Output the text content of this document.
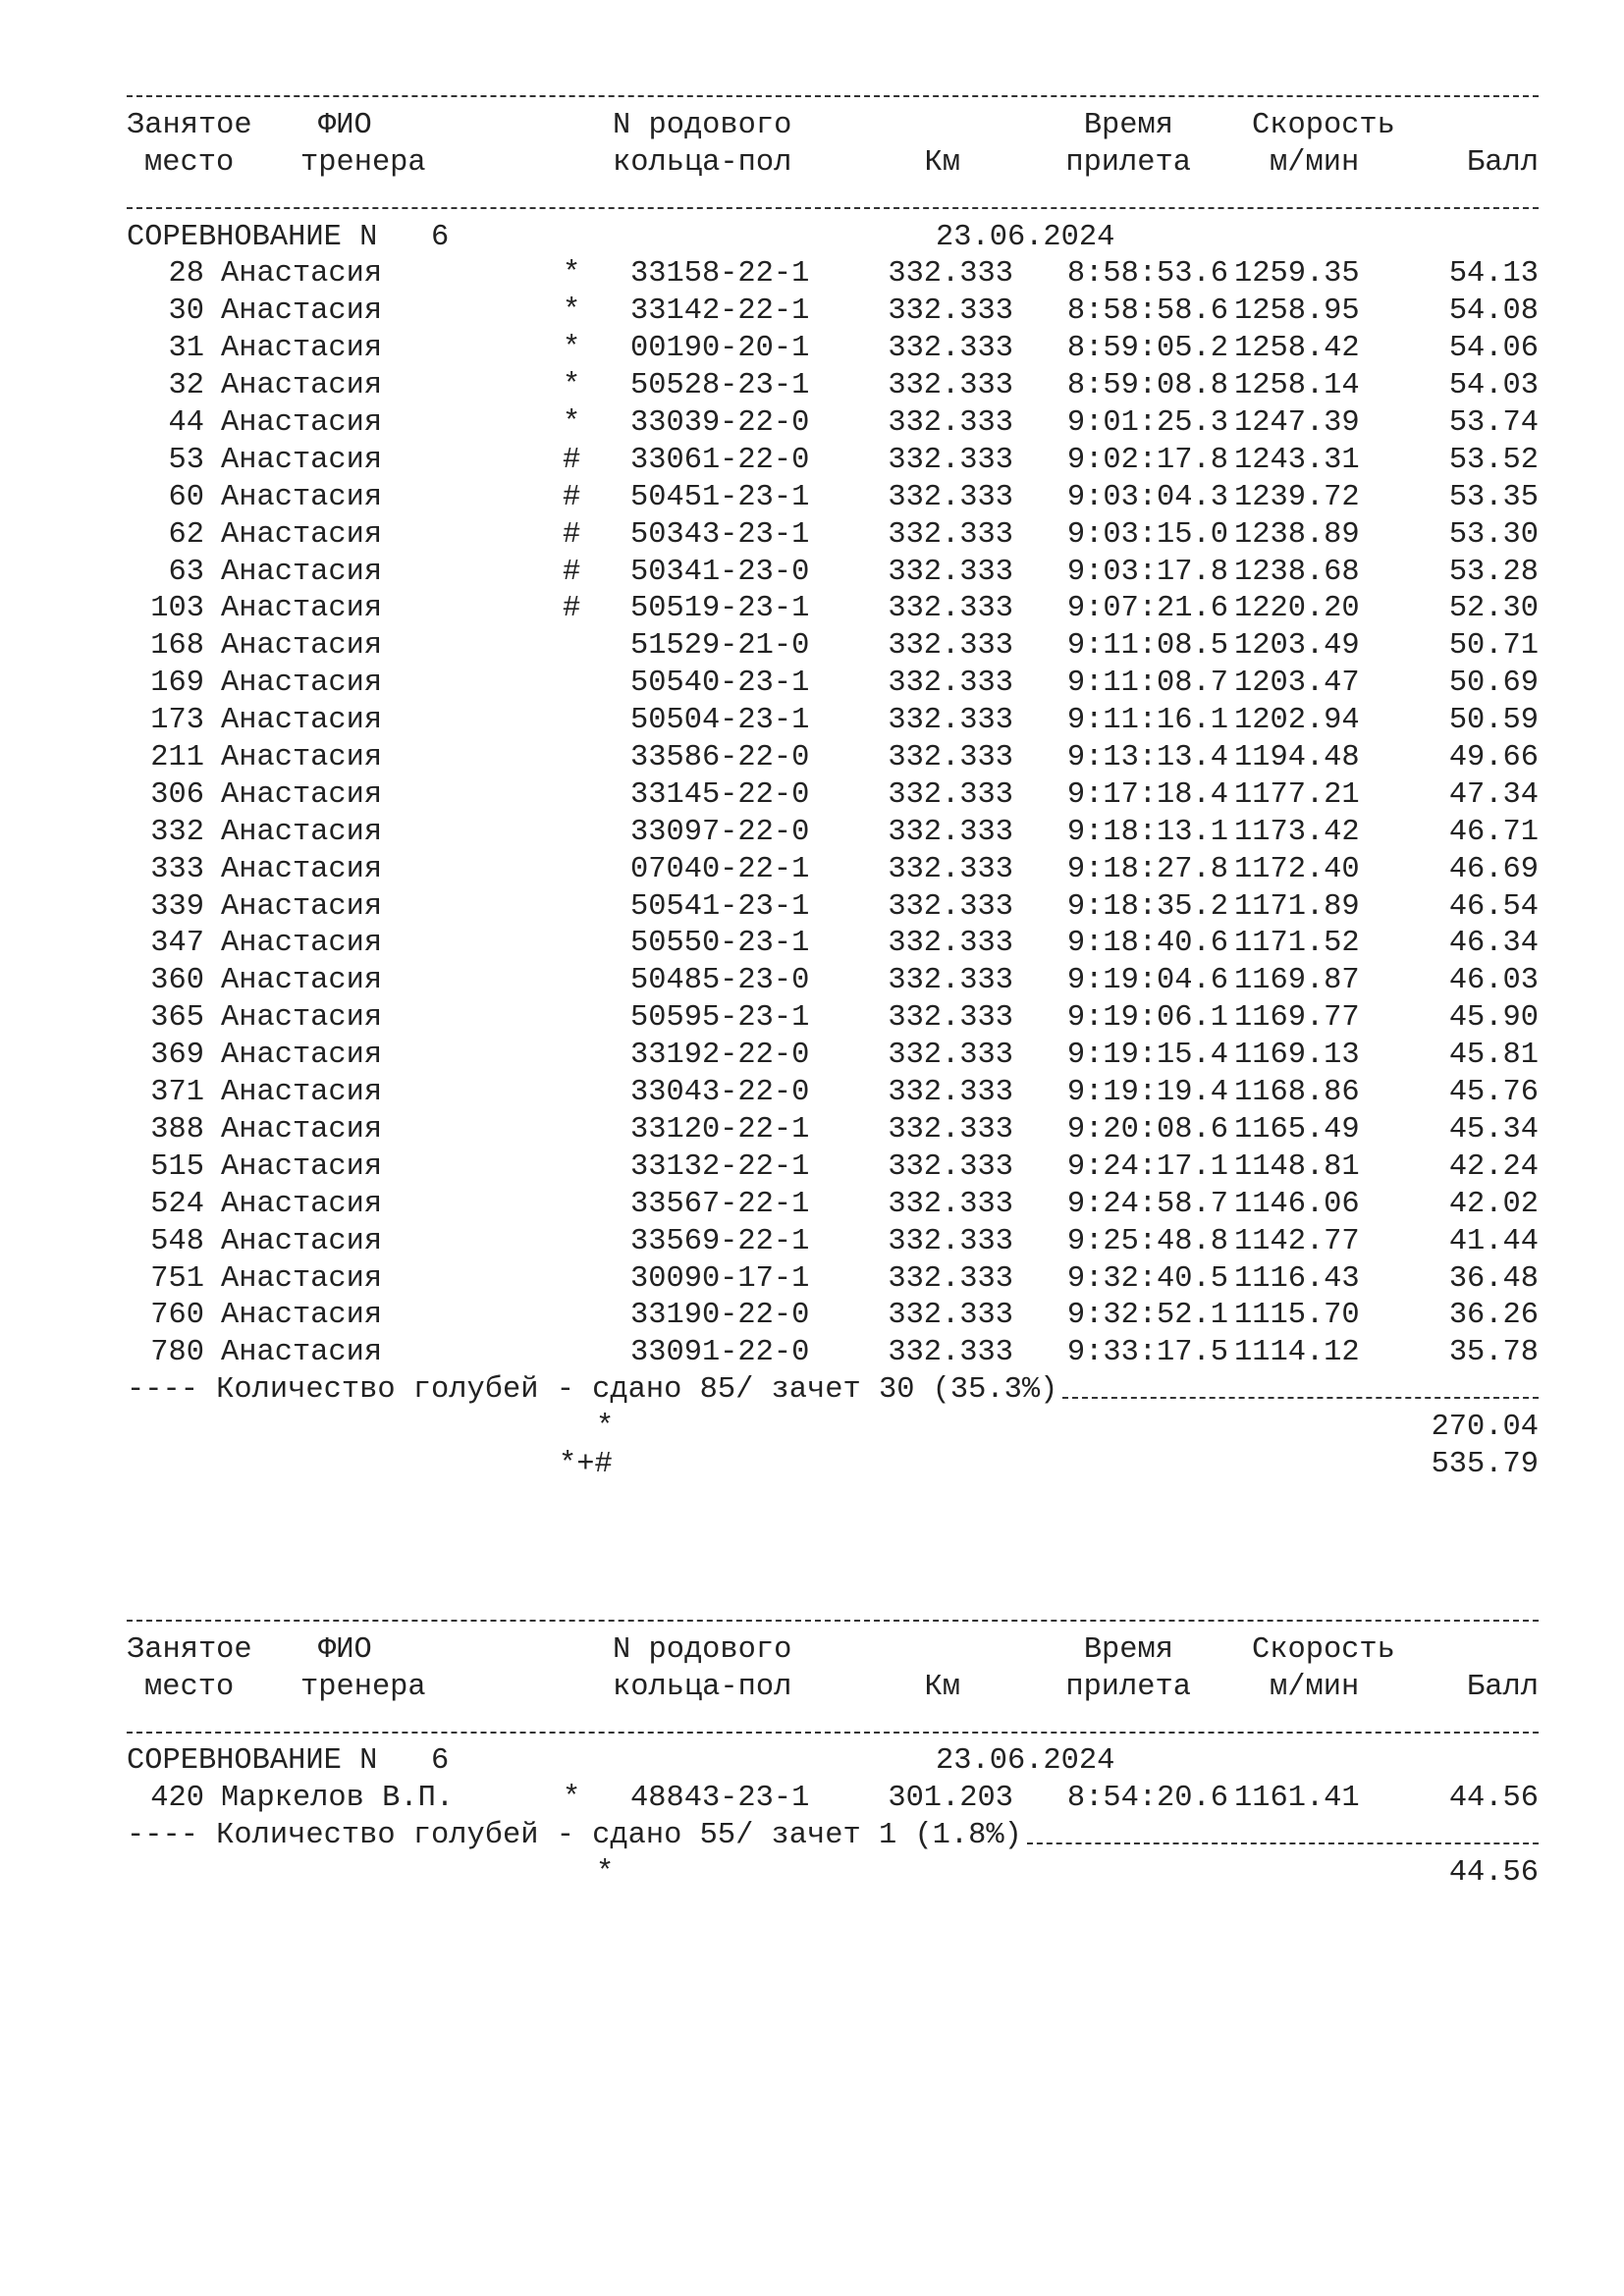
Занятое ФИО	N родового	Время	Скорость
место тренера	кольца-пол	Км	прилета	м/мин	Балл
СОРЕВНОВАНИЕ N   6	23.06.2024
28 Анастасия	* 33158-22-1	332.333 8:58:53.6 1259.35	54.13
30 Анастасия	* 33142-22-1	332.333 8:58:58.6 1258.95	54.08
31 Анастасия	* 00190-20-1	332.333 8:59:05.2 1258.42	54.06
32 Анастасия	* 50528-23-1	332.333 8:59:08.8 1258.14	54.03
44 Анастасия	* 33039-22-0	332.333 9:01:25.3 1247.39	53.74
53 Анастасия	# 33061-22-0	332.333 9:02:17.8 1243.31	53.52
60 Анастасия	# 50451-23-1	332.333 9:03:04.3 1239.72	53.35
62 Анастасия	# 50343-23-1	332.333 9:03:15.0 1238.89	53.30
63 Анастасия	# 50341-23-0	332.333 9:03:17.8 1238.68	53.28
103 Анастасия	# 50519-23-1	332.333 9:07:21.6 1220.20	52.30
168 Анастасия	51529-21-0	332.333 9:11:08.5 1203.49	50.71
169 Анастасия	50540-23-1	332.333 9:11:08.7 1203.47	50.69
173 Анастасия	50504-23-1	332.333 9:11:16.1 1202.94	50.59
211 Анастасия	33586-22-0	332.333 9:13:13.4 1194.48	49.66
306 Анастасия	33145-22-0	332.333 9:17:18.4 1177.21	47.34
332 Анастасия	33097-22-0	332.333 9:18:13.1 1173.42	46.71
333 Анастасия	07040-22-1	332.333 9:18:27.8 1172.40	46.69
339 Анастасия	50541-23-1	332.333 9:18:35.2 1171.89	46.54
347 Анастасия	50550-23-1	332.333 9:18:40.6 1171.52	46.34
360 Анастасия	50485-23-0	332.333 9:19:04.6 1169.87	46.03
365 Анастасия	50595-23-1	332.333 9:19:06.1 1169.77	45.90
369 Анастасия	33192-22-0	332.333 9:19:15.4 1169.13	45.81
371 Анастасия	33043-22-0	332.333 9:19:19.4 1168.86	45.76
388 Анастасия	33120-22-1	332.333 9:20:08.6 1165.49	45.34
515 Анастасия	33132-22-1	332.333 9:24:17.1 1148.81	42.24
524 Анастасия	33567-22-1	332.333 9:24:58.7 1146.06	42.02
548 Анастасия	33569-22-1	332.333 9:25:48.8 1142.77	41.44
751 Анастасия	30090-17-1	332.333 9:32:40.5 1116.43	36.48
760 Анастасия	33190-22-0	332.333 9:32:52.1 1115.70	36.26
780 Анастасия	33091-22-0	332.333 9:33:17.5 1114.12	35.78
---- Количество голубей - сдано 85/ зачет 30 (35.3%)
*	270.04
*+#	535.79
Занятое ФИО	N родового	Время	Скорость
место тренера	кольца-пол	Км	прилета	м/мин	Балл
СОРЕВНОВАНИЕ N   6	23.06.2024
420 Маркелов В.П.	* 48843-23-1	301.203 8:54:20.6 1161.41	44.56
---- Количество голубей - сдано 55/ зачет 1 (1.8%)
*	44.56
